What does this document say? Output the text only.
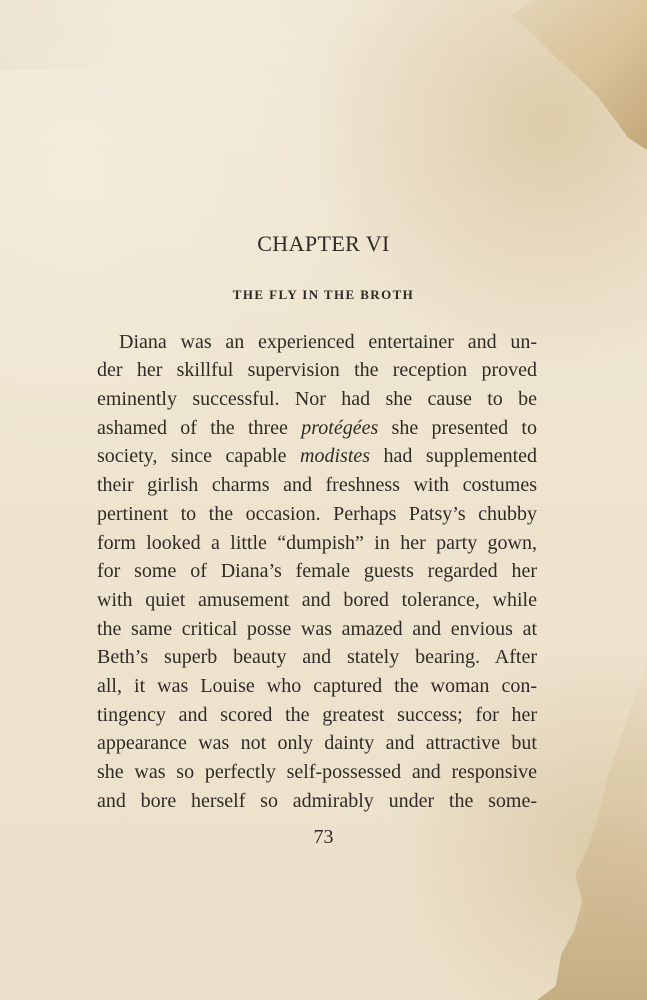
CHAPTER VI
THE FLY IN THE BROTH
Diana was an experienced entertainer and un-
der her skillful supervision the reception proved
eminently successful. Nor had she cause to be
ashamed of the three protégées she presented to
society, since capable modistes had supplemented
their girlish charms and freshness with costumes
pertinent to the occasion. Perhaps Patsy’s chubby
form looked a little “dumpish” in her party gown,
for some of Diana’s female guests regarded her
with quiet amusement and bored tolerance, while
the same critical posse was amazed and envious at
Beth’s superb beauty and stately bearing. After
all, it was Louise who captured the woman con-
tingency and scored the greatest success; for her
appearance was not only dainty and attractive but
she was so perfectly self-possessed and responsive
and bore herself so admirably under the some-
73
